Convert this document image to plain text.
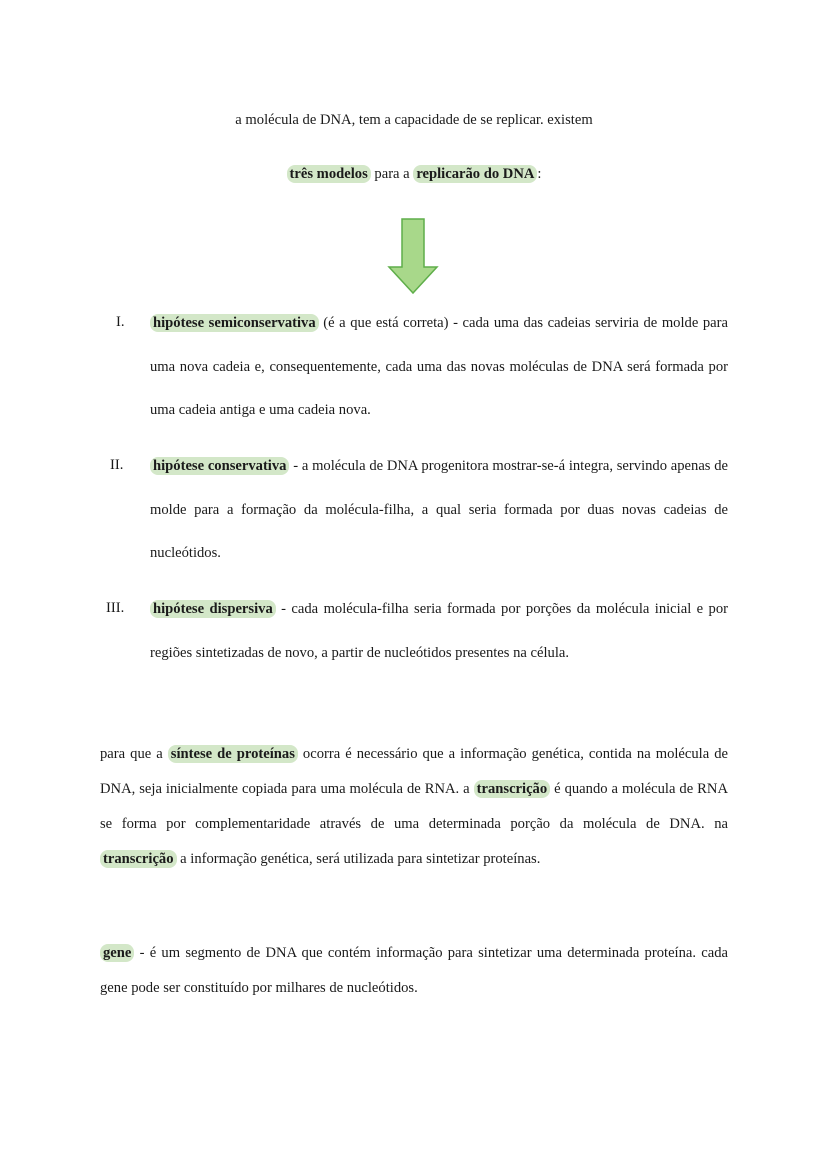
a molécula de DNA, tem a capacidade de se replicar. existem
três modelos para a replicarão do DNA :
I. hipótese semiconservativa (é a que está correta) - cada uma das cadeias serviria de molde para uma nova cadeia e, consequentemente, cada uma das novas moléculas de DNA será formada por uma cadeia antiga e uma cadeia nova.
II. hipótese conservativa - a molécula de DNA progenitora mostrar-se-á integra, servindo apenas de molde para a formação da molécula-filha, a qual seria formada por duas novas cadeias de nucleótidos.
III. hipótese dispersiva - cada molécula-filha seria formada por porções da molécula inicial e por regiões sintetizadas de novo, a partir de nucleótidos presentes na célula.
para que a síntese de proteínas ocorra é necessário que a informação genética, contida na molécula de DNA, seja inicialmente copiada para uma molécula de RNA. a transcrição é quando a molécula de RNA se forma por complementaridade através de uma determinada porção da molécula de DNA. na transcrição a informação genética, será utilizada para sintetizar proteínas.
gene - é um segmento de DNA que contém informação para sintetizar uma determinada proteína. cada gene pode ser constituído por milhares de nucleótidos.
